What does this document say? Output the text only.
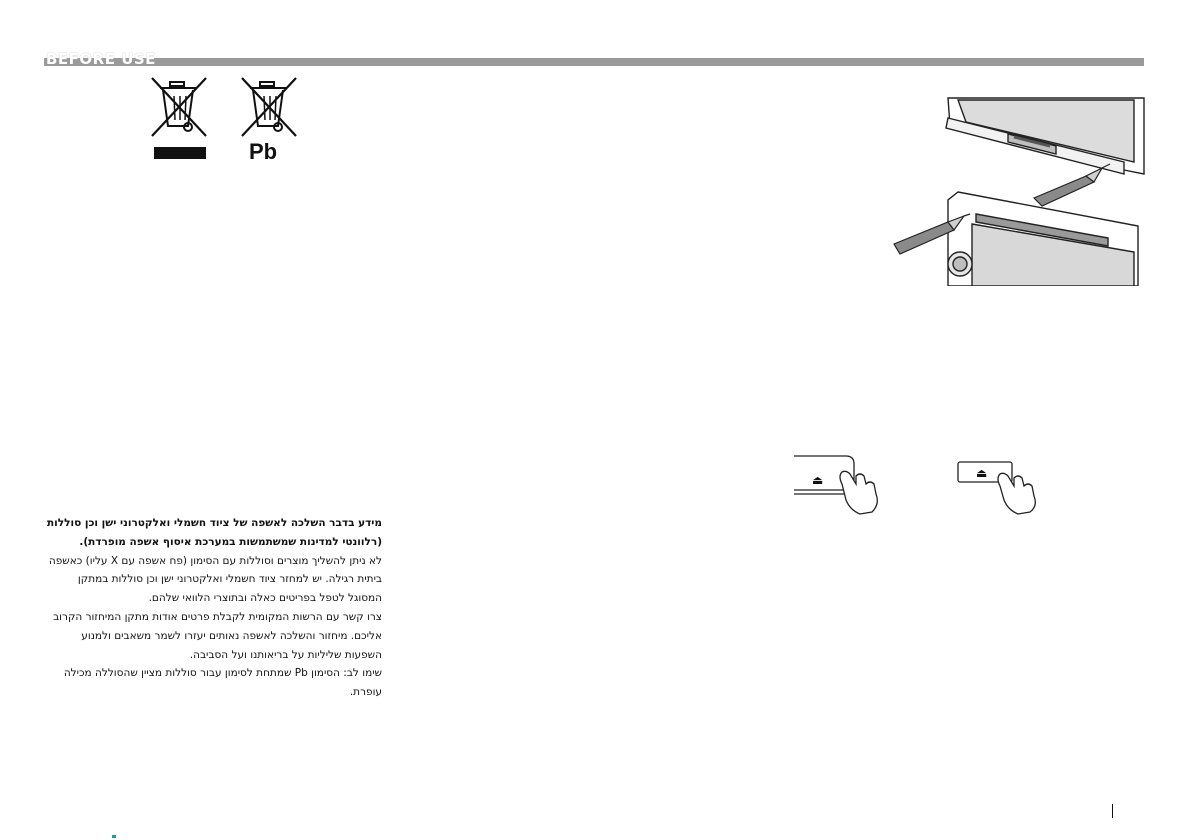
BEFORE USE
Pb

מידע בדבר השלכה לאשפה של ציוד חשמלי ואלקטרוני ישן וכן סוללות (רלוונטי למדינות שמשתמשות במערכת איסוף אשפה מופרדת).

לא ניתן להשליך מוצרים וסוללות עם הסימון (פח אשפה עם X עליו) כאשפה ביתית רגילה. יש למחזר ציוד חשמלי ואלקטרוני ישן וכן סוללות במתקן המסוגל לטפל בפריטים כאלה ובתוצרי הלוואי שלהם.

צרו קשר עם הרשות המקומית לקבלת פרטים אודות מתקן המיחזור הקרוב אליכם. מיחזור והשלכה לאשפה נאותים יעזרו לשמר משאבים ולמנוע השפעות שליליות על בריאותנו ועל הסביבה.

שימו לב: הסימון Pb שמתחת לסימון עבור סוללות מציין שהסוללה מכילה עופרת.

⏏	⏏
